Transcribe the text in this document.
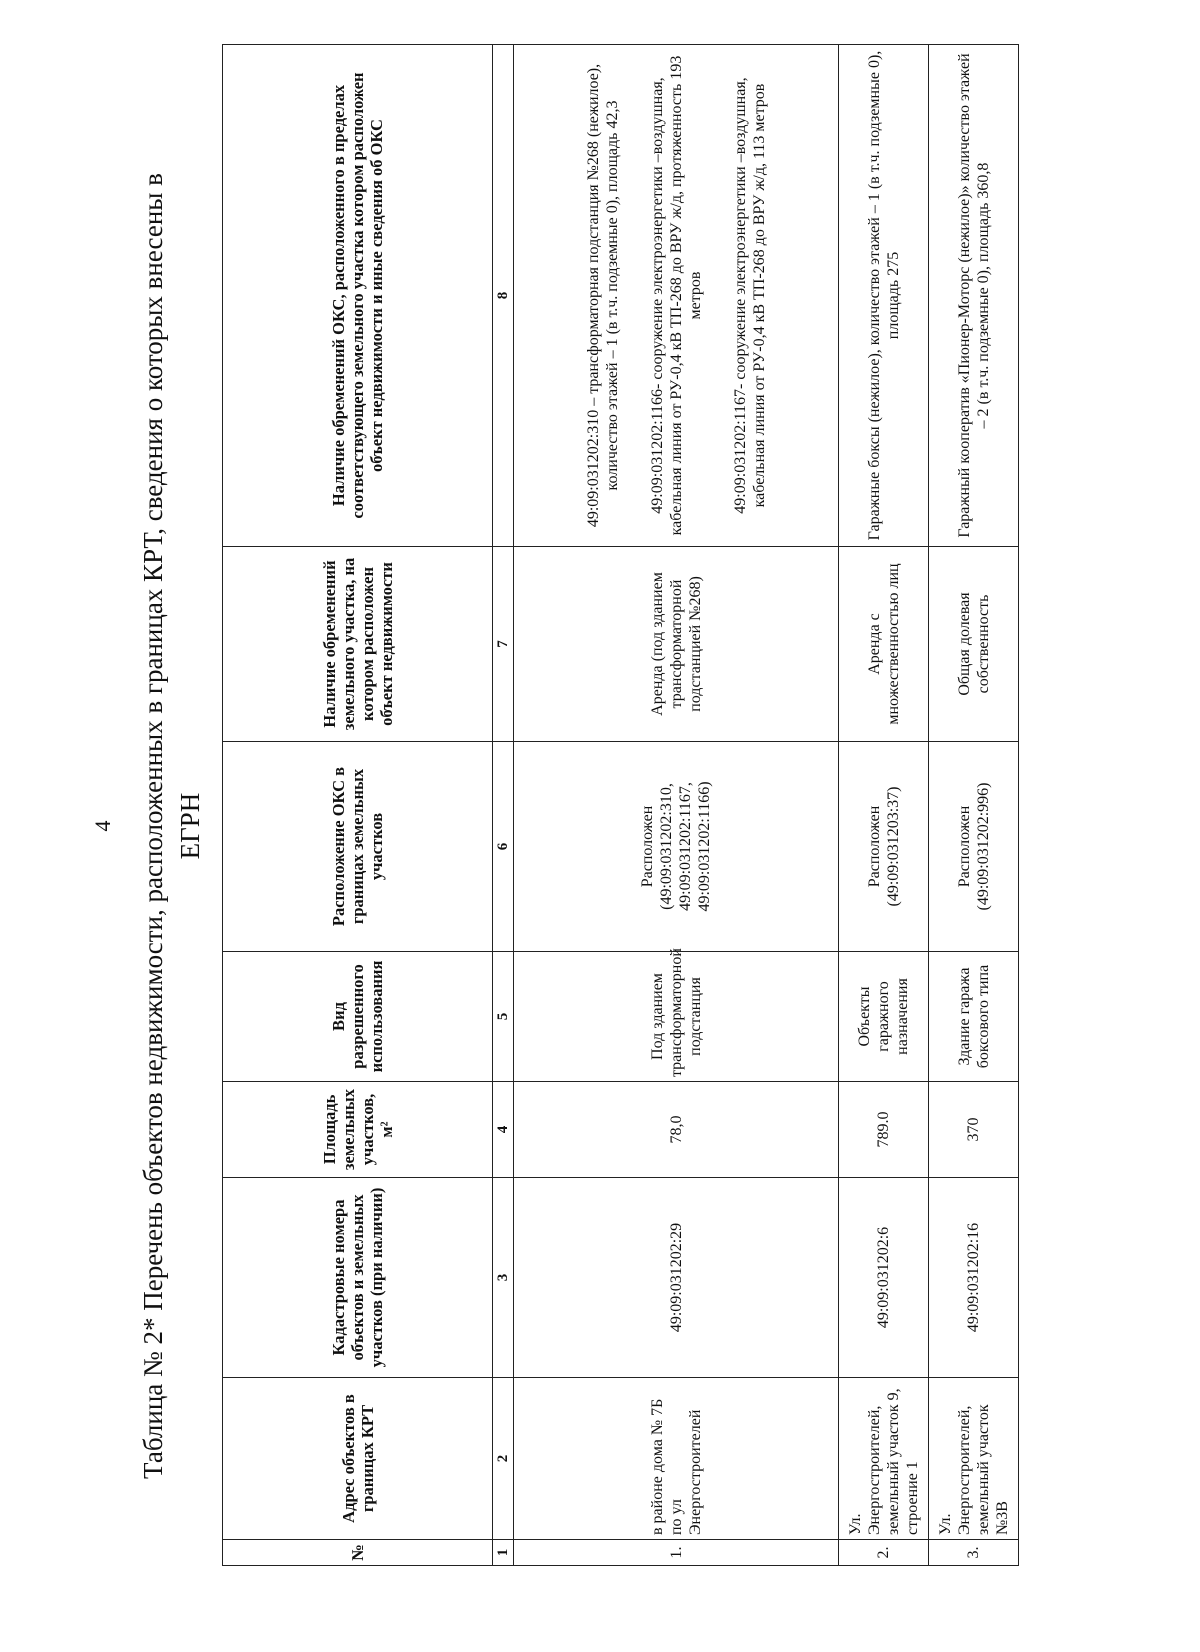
4 Таблица № 2* Перечень объектов недвижимости, расположенных в границах КРТ, сведения о которых внесены в ЕГРН
№	Адрес объектов в границах КРТ	Кадастровые номера объектов и земельных участков (при наличии)	Площадь земельных участков, м²	Вид разрешенного использования	Расположение ОКС в границах земельных участков	Наличие обременений земельного участка, на котором расположен объект недвижимости	Наличие обременений ОКС, расположенного в пределах соответствующего земельного участка котором расположен объект недвижимости и иные сведения об ОКС
1	2	3	4	5	6	7	8
1.	в районе дома № 7Б по ул Энергостроителей	49:09:031202:29	78,0	Под зданием трансформаторной подстанция	Расположен (49:09:031202:310, 49:09:031202:1167, 49:09:031202:1166)	Аренда (под зданием трансформаторной подстанцией №268)	49:09:031202:310 – трансформаторная подстанция №268 (нежилое), количество этажей – 1 (в т.ч. подземные 0), площадь 42,3 49:09:031202:1166- сооружение электроэнергетики –воздушная, кабельная линия от РУ-0,4 кВ ТП-268 до ВРУ ж/д, протяженность 193 метров 49:09:031202:1167- сооружение электроэнергетики –воздушная, кабельная линия от РУ-0,4 кВ ТП-268 до ВРУ ж/д, 113 метров

2.	Ул. Энергостроителей, земельный участок 9, строение 1	49:09:031202:6	789.0	Объекты гаражного назначения	Расположен (49:09:031203:37)	Аренда с множественностью лиц	Гаражные боксы (нежилое), количество этажей – 1 (в т.ч. подземные 0), площадь 275

3.	Ул. Энергостроителей, земельный участок №3В	49:09:031202:16	370	Здание гаража боксового типа	Расположен (49:09:031202:996)	Общая долевая собственность	Гаражный кооператив «Пионер-Моторс (нежилое)» количество этажей – 2 (в т.ч. подземные 0), площадь 360,8
